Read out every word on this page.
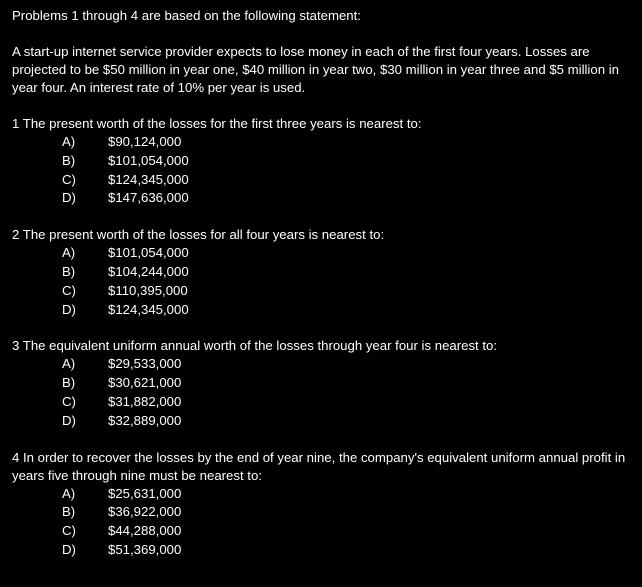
Problems 1 through 4 are based on the following statement:

A start-up internet service provider expects to lose money in each of the first four years. Losses are projected to be $50 million in year one, $40 million in year two, $30 million in year three and $5 million in year four. An interest rate of 10% per year is used.

1 The present worth of the losses for the first three years is nearest to:

A)	$90,124,000
B)	$101,054,000
C)	$124,345,000
D)	$147,636,000

2 The present worth of the losses for all four years is nearest to:

A)	$101,054,000
B)	$104,244,000
C)	$110,395,000
D)	$124,345,000

3 The equivalent uniform annual worth of the losses through year four is nearest to:

A)	$29,533,000
B)	$30,621,000
C)	$31,882,000
D)	$32,889,000

4 In order to recover the losses by the end of year nine, the company's equivalent uniform annual profit in years five through nine must be nearest to:

A)	$25,631,000
B)	$36,922,000
C)	$44,288,000
D)	$51,369,000
